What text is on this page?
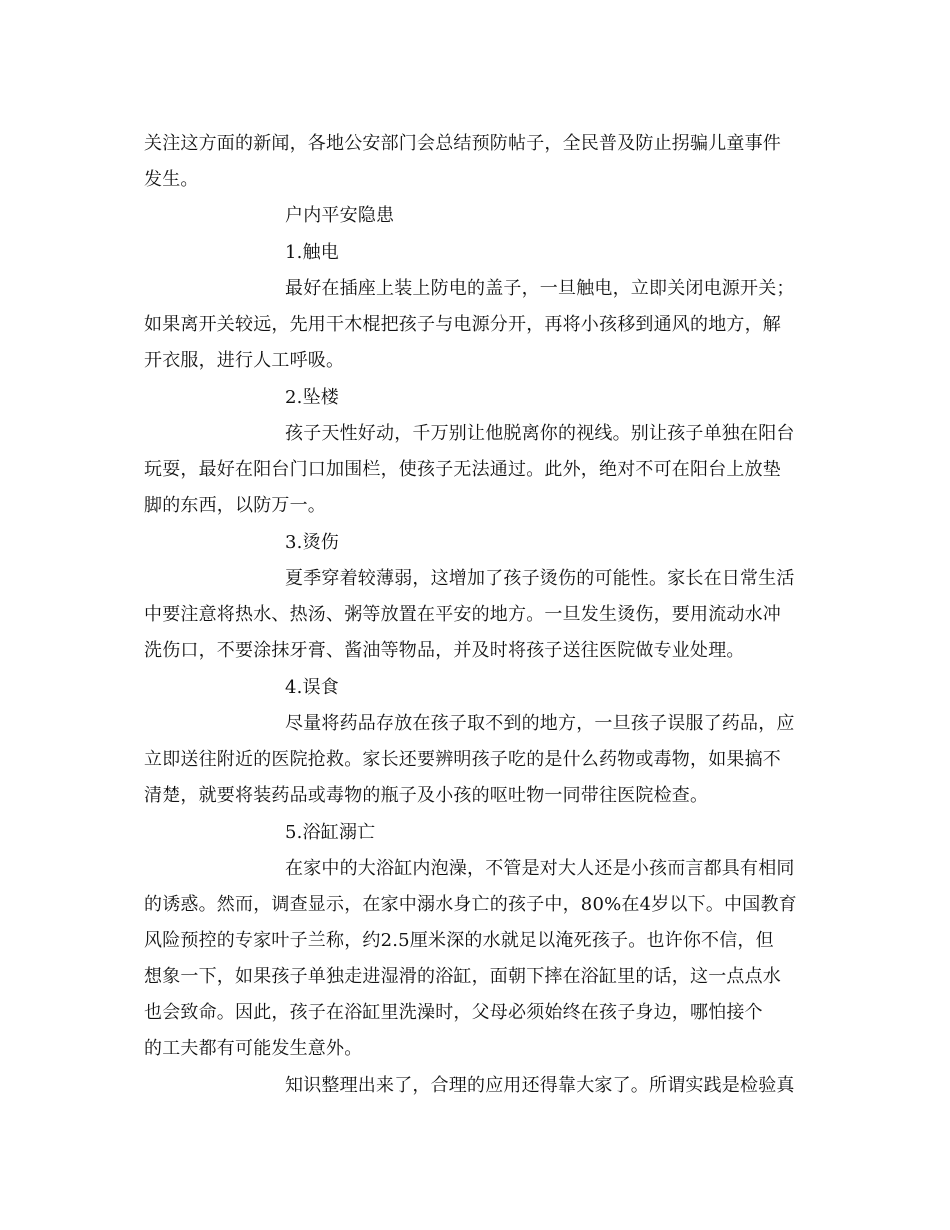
关注这方面的新闻，各地公安部门会总结预防帖子，全民普及防止拐骗儿童事件
发生。
户内平安隐患
1.触电
最好在插座上装上防电的盖子，一旦触电，立即关闭电源开关；
如果离开关较远，先用干木棍把孩子与电源分开，再将小孩移到通风的地方，解
开衣服，进行人工呼吸。
2.坠楼
孩子天性好动，千万别让他脱离你的视线。别让孩子单独在阳台
玩耍，最好在阳台门口加围栏，使孩子无法通过。此外，绝对不可在阳台上放垫
脚的东西，以防万一。
3.烫伤
夏季穿着较薄弱，这增加了孩子烫伤的可能性。家长在日常生活
中要注意将热水、热汤、粥等放置在平安的地方。一旦发生烫伤，要用流动水冲
洗伤口，不要涂抹牙膏、酱油等物品，并及时将孩子送往医院做专业处理。
4.误食
尽量将药品存放在孩子取不到的地方，一旦孩子误服了药品，应
立即送往附近的医院抢救。家长还要辨明孩子吃的是什么药物或毒物，如果搞不
清楚，就要将装药品或毒物的瓶子及小孩的呕吐物一同带往医院检查。
5.浴缸溺亡
在家中的大浴缸内泡澡，不管是对大人还是小孩而言都具有相同
的诱惑。然而，调查显示，在家中溺水身亡的孩子中，80%在4岁以下。中国教育
风险预控的专家叶子兰称，约2.5厘米深的水就足以淹死孩子。也许你不信，但
想象一下，如果孩子单独走进湿滑的浴缸，面朝下摔在浴缸里的话，这一点点水
也会致命。因此，孩子在浴缸里洗澡时，父母必须始终在孩子身边，哪怕接个
的工夫都有可能发生意外。
知识整理出来了，合理的应用还得靠大家了。所谓实践是检验真
